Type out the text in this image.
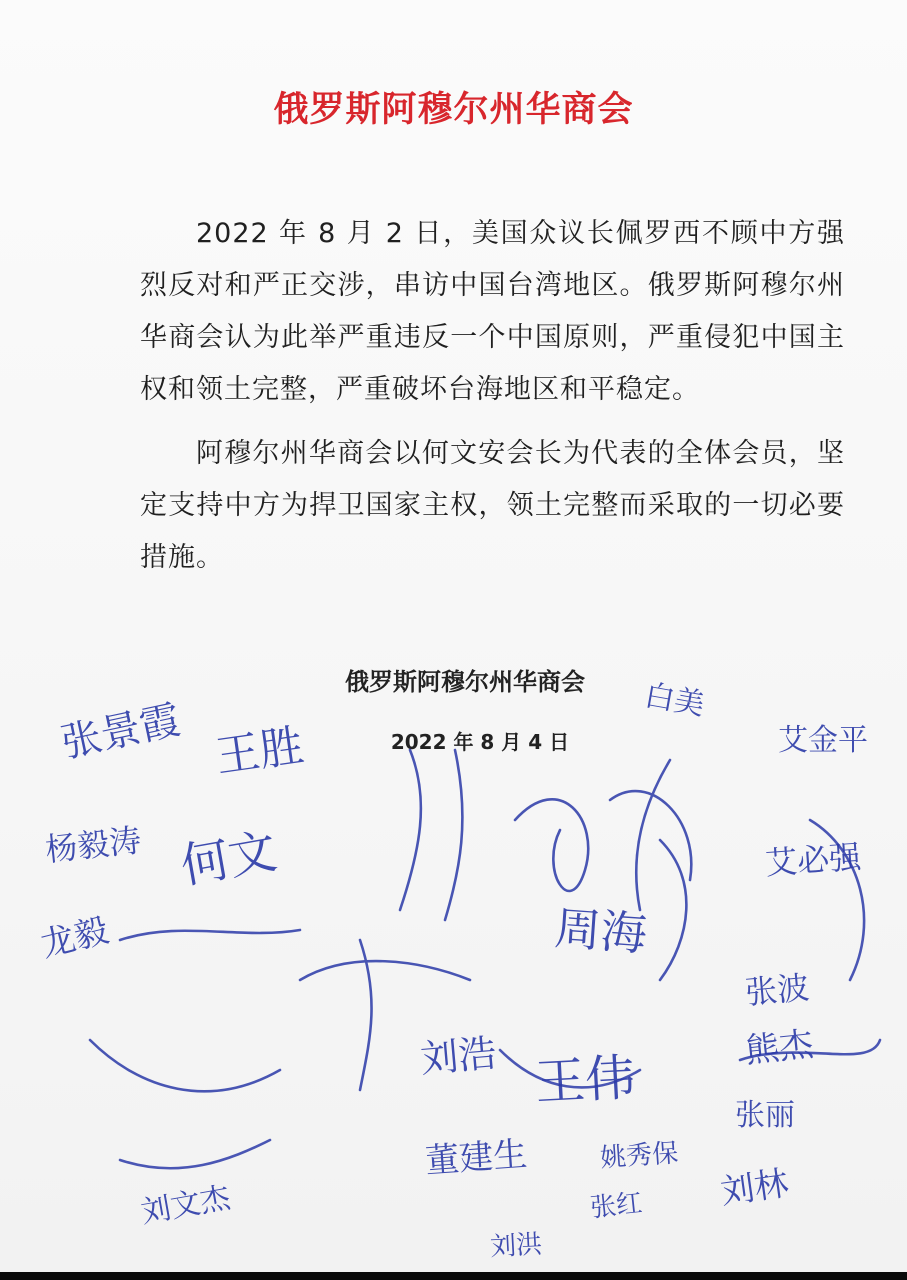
俄罗斯阿穆尔州华商会

2022 年 8 月 2 日，美国众议长佩罗西不顾中方强烈反对和严正交涉，串访中国台湾地区。俄罗斯阿穆尔州华商会认为此举严重违反一个中国原则，严重侵犯中国主权和领土完整，严重破坏台海地区和平稳定。

阿穆尔州华商会以何文安会长为代表的全体会员，坚定支持中方为捍卫国家主权，领土完整而采取的一切必要措施。

俄罗斯阿穆尔州华商会
2022 年 8 月 4 日
张景霞 王胜
杨毅涛 何文
龙毅	周海
王伟
张丽
张波
艾金平
董建生
刘洪
刘林
白美
艾必强
熊杰
刘浩
张红
姚秀保
刘文杰
